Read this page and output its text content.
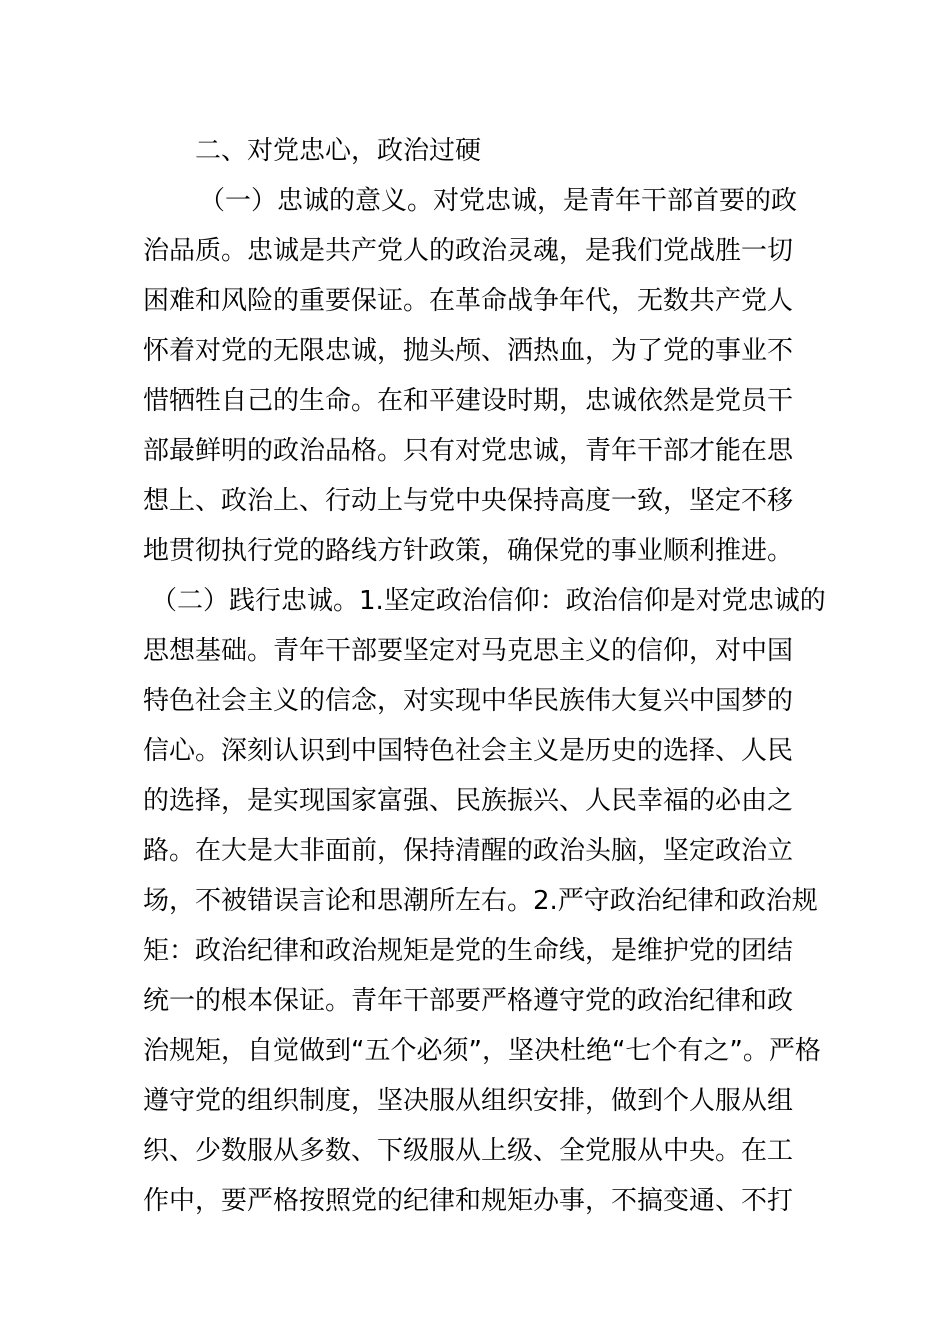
二、对党忠心，政治过硬
（一）忠诚的意义。对党忠诚，是青年干部首要的政
治品质。忠诚是共产党人的政治灵魂，是我们党战胜一切
困难和风险的重要保证。在革命战争年代，无数共产党人
怀着对党的无限忠诚，抛头颅、洒热血，为了党的事业不
惜牺牲自己的生命。在和平建设时期，忠诚依然是党员干
部最鲜明的政治品格。只有对党忠诚，青年干部才能在思
想上、政治上、行动上与党中央保持高度一致，坚定不移
地贯彻执行党的路线方针政策，确保党的事业顺利推进。
（二）践行忠诚。1.坚定政治信仰：政治信仰是对党忠诚的
思想基础。青年干部要坚定对马克思主义的信仰，对中国
特色社会主义的信念，对实现中华民族伟大复兴中国梦的
信心。深刻认识到中国特色社会主义是历史的选择、人民
的选择，是实现国家富强、民族振兴、人民幸福的必由之
路。在大是大非面前，保持清醒的政治头脑，坚定政治立
场，不被错误言论和思潮所左右。2.严守政治纪律和政治规
矩：政治纪律和政治规矩是党的生命线，是维护党的团结
统一的根本保证。青年干部要严格遵守党的政治纪律和政
治规矩，自觉做到“五个必须”，坚决杜绝“七个有之”。严格
遵守党的组织制度，坚决服从组织安排，做到个人服从组
织、少数服从多数、下级服从上级、全党服从中央。在工
作中，要严格按照党的纪律和规矩办事，不搞变通、不打
